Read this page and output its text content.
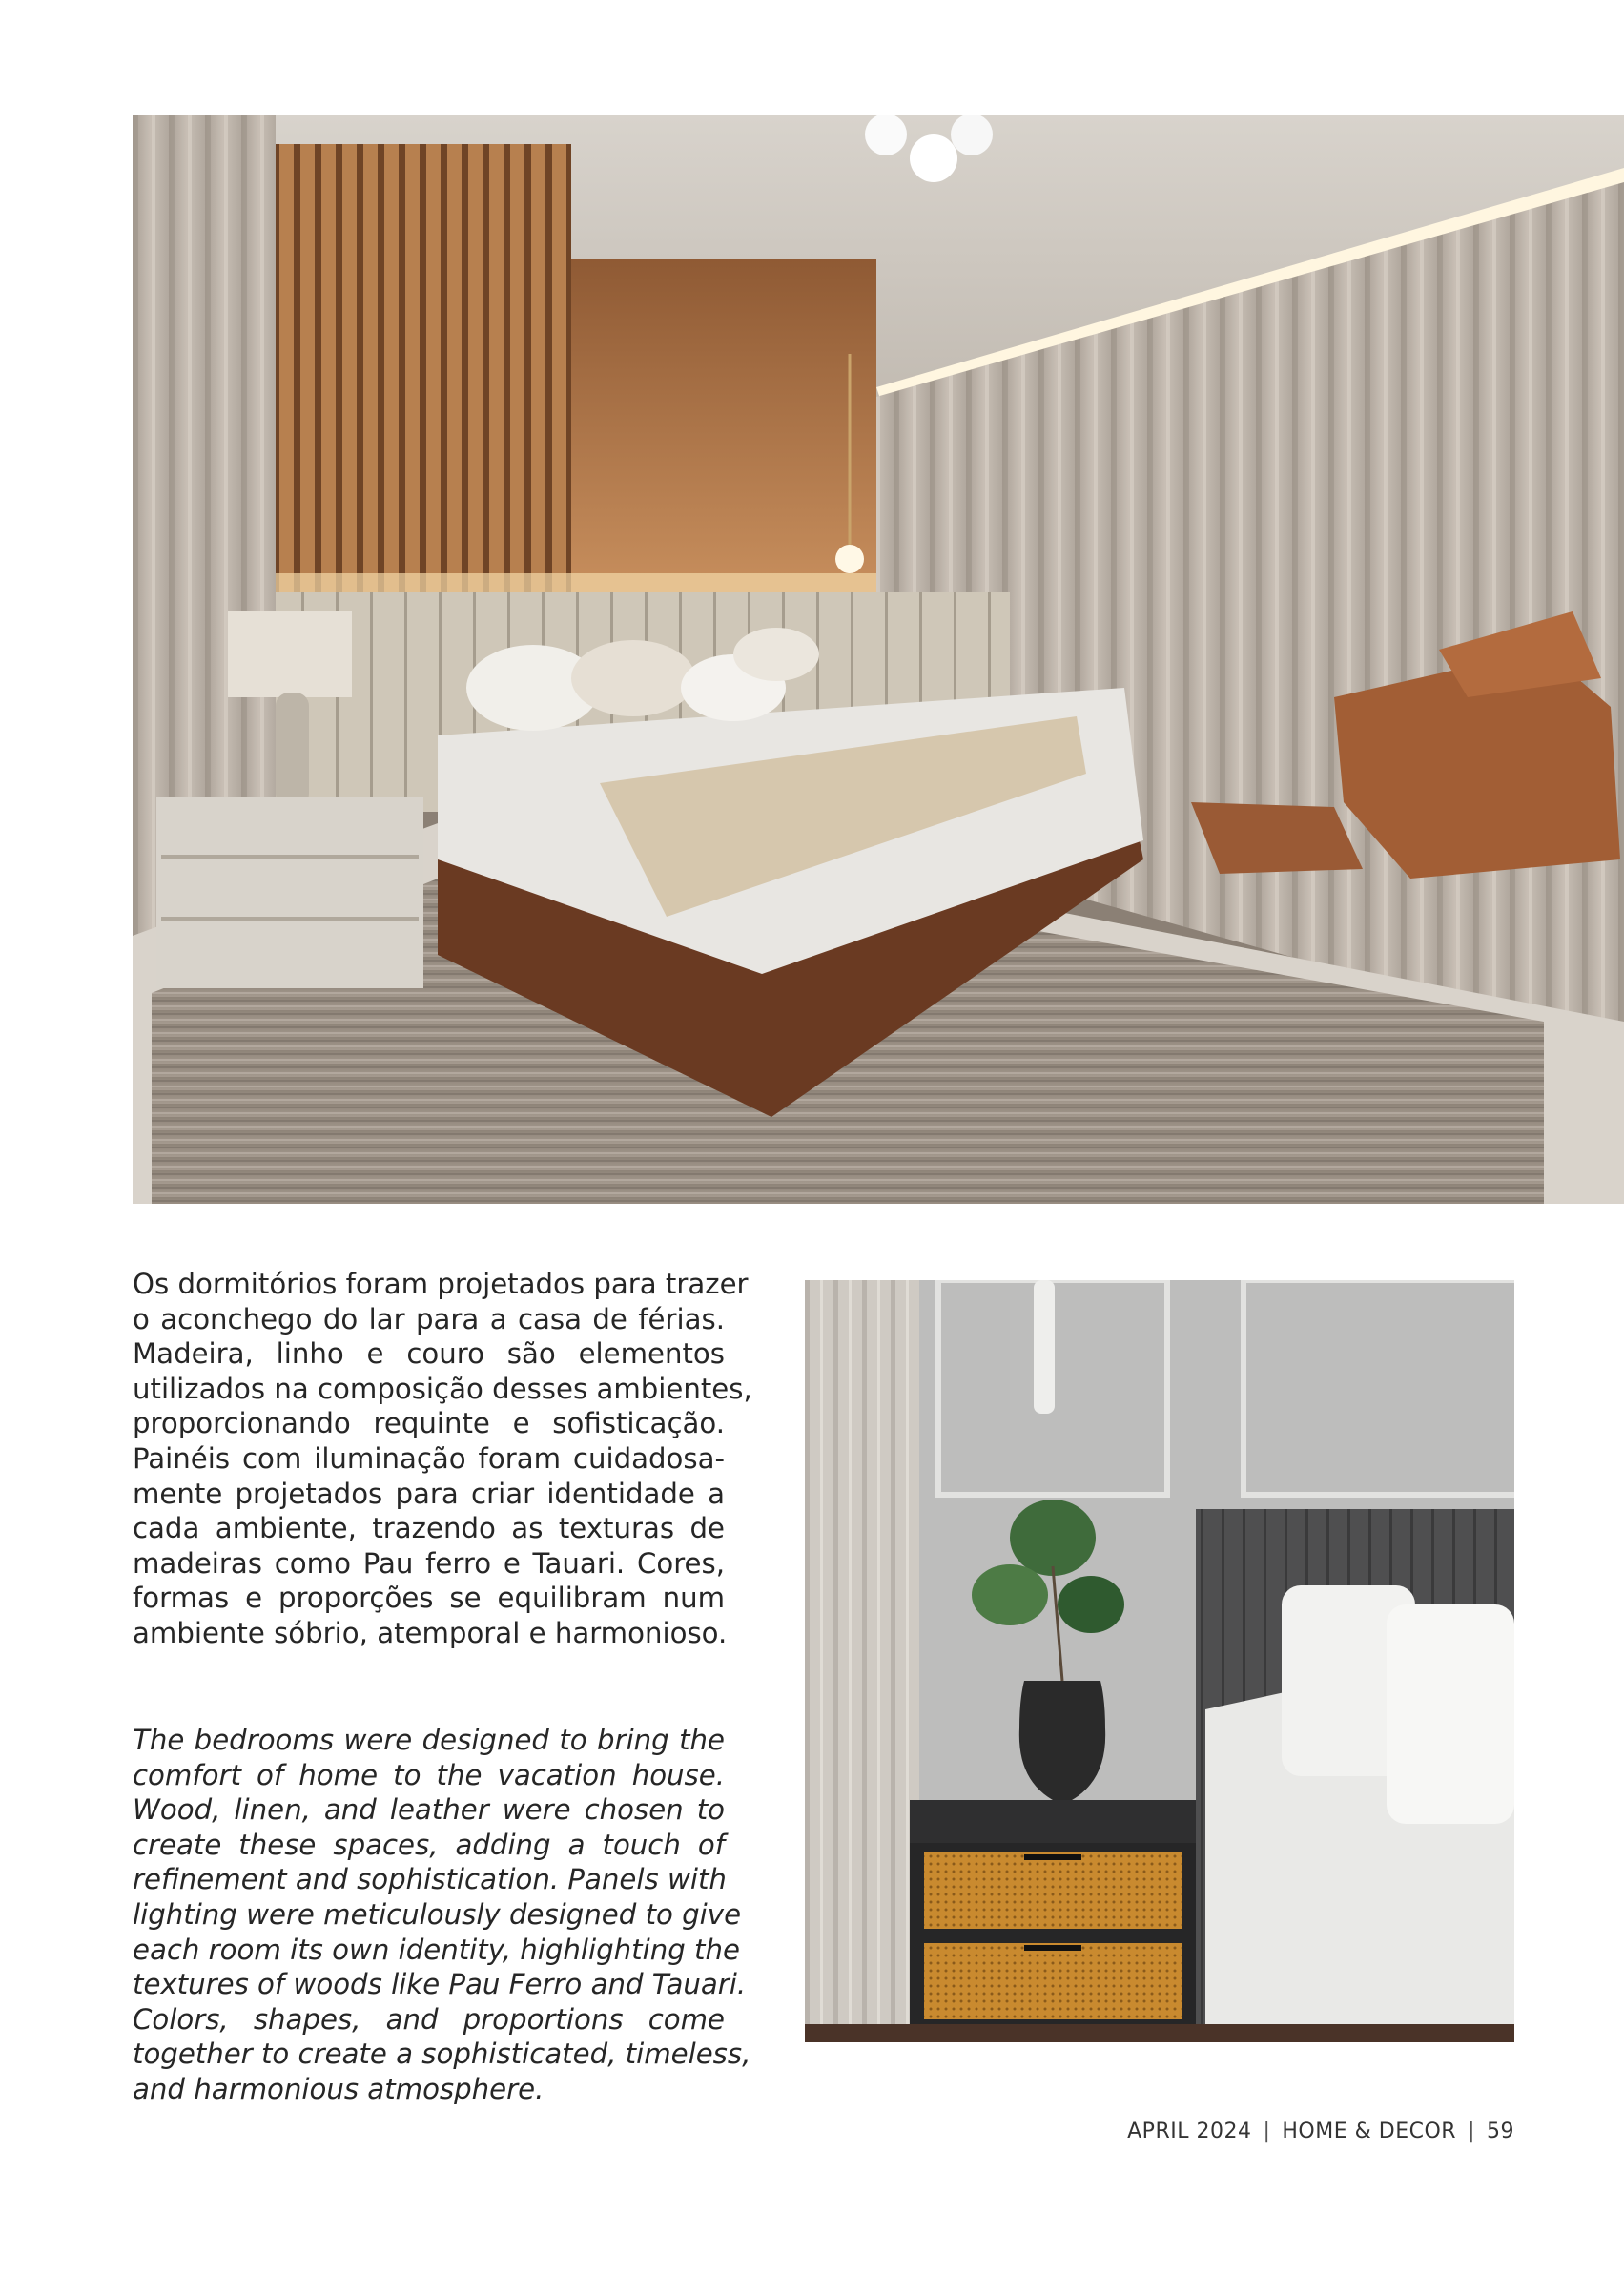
Os dormitórios foram projetados para trazer
o aconchego do lar para a casa de férias.
Madeira, linho e couro são elementos
utilizados na composição desses ambientes,
proporcionando requinte e sofisticação.
Painéis com iluminação foram cuidadosa-
mente projetados para criar identidade a
cada ambiente, trazendo as texturas de
madeiras como Pau ferro e Tauari. Cores,
formas e proporções se equilibram num
ambiente sóbrio, atemporal e harmonioso.
The bedrooms were designed to bring the
comfort of home to the vacation house.
Wood, linen, and leather were chosen to
create these spaces, adding a touch of
refinement and sophistication. Panels with
lighting were meticulously designed to give
each room its own identity, highlighting the
textures of woods like Pau Ferro and Tauari.
Colors, shapes, and proportions come
together to create a sophisticated, timeless,
and harmonious atmosphere.
APRIL 2024 | HOME & DECOR | 59
